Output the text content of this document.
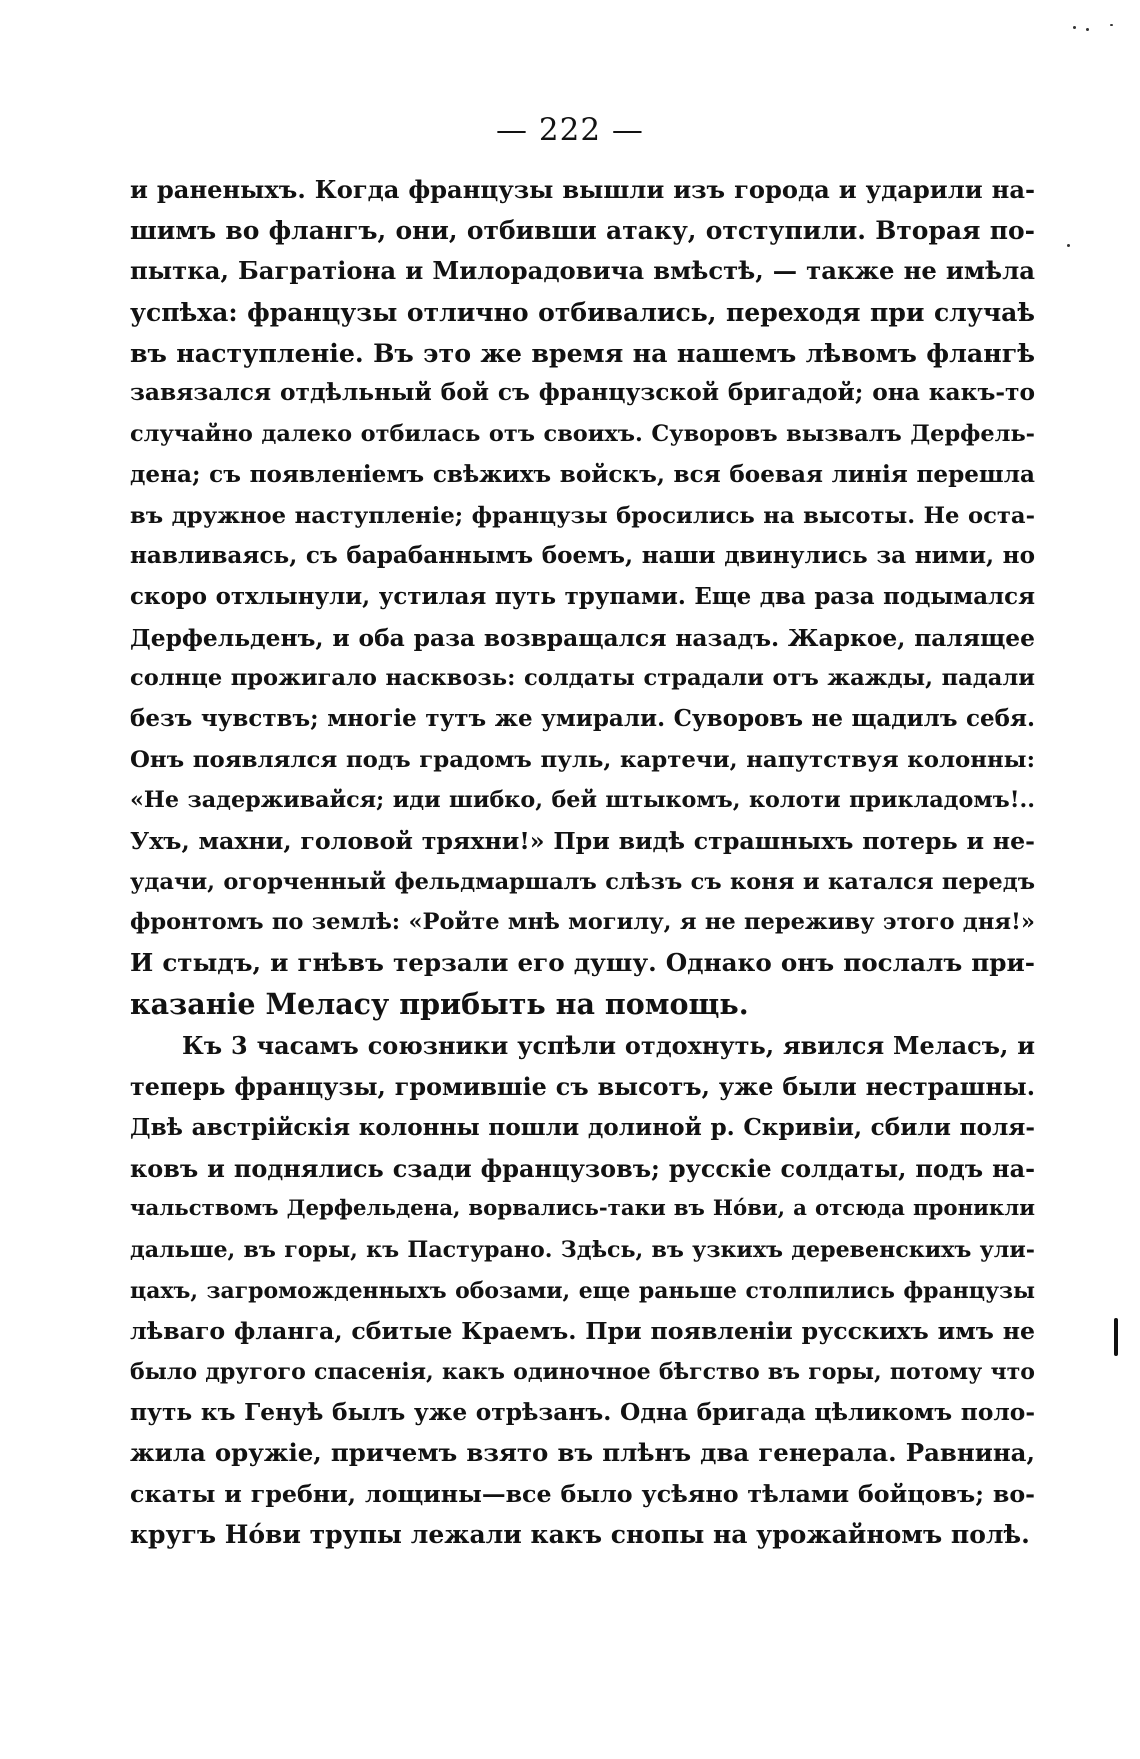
— 222 —
и раненыхъ. Когда французы вышли изъ города и ударили на-
шимъ во флангъ, они, отбивши атаку, отступили. Вторая по-
пытка, Багратіона и Милорадовича вмѣстѣ, — также не имѣла
успѣха: французы отлично отбивались, переходя при случаѣ
въ наступленіе. Въ это же время на нашемъ лѣвомъ флангѣ
завязался отдѣльный бой съ французской бригадой; она какъ-то
случайно далеко отбилась отъ своихъ. Суворовъ вызвалъ Дерфель-
дена; съ появленіемъ свѣжихъ войскъ, вся боевая линія перешла
въ дружное наступленіе; французы бросились на высоты. Не оста-
навливаясь, съ барабаннымъ боемъ, наши двинулись за ними, но
скоро отхлынули, устилая путь трупами. Еще два раза подымался
Дерфельденъ, и оба раза возвращался назадъ. Жаркое, палящее
солнце прожигало насквозь: солдаты страдали отъ жажды, падали
безъ чувствъ; многіе тутъ же умирали. Суворовъ не щадилъ себя.
Онъ появлялся подъ градомъ пуль, картечи, напутствуя колонны:
«Не задерживайся; иди шибко, бей штыкомъ, колоти прикладомъ!..
Ухъ, махни, головой тряхни!» При видѣ страшныхъ потерь и не-
удачи, огорченный фельдмаршалъ слѣзъ съ коня и катался передъ
фронтомъ по землѣ: «Ройте мнѣ могилу, я не переживу этого дня!»
И стыдъ, и гнѣвъ терзали его душу. Однако онъ послалъ при-
казаніе Меласу прибыть на помощь.
Къ 3 часамъ союзники успѣли отдохнуть, явился Меласъ, и
теперь французы, громившіе съ высотъ, уже были нестрашны.
Двѣ австрійскія колонны пошли долиной р. Скривіи, сбили поля-
ковъ и поднялись сзади французовъ; русскіе солдаты, подъ на-
чальствомъ Дерфельдена, ворвались-таки въ Нóви, а отсюда проникли
дальше, въ горы, къ Пастурано. Здѣсь, въ узкихъ деревенскихъ ули-
цахъ, загроможденныхъ обозами, еще раньше столпились французы
лѣваго фланга, сбитые Краемъ. При появленіи русскихъ имъ не
было другого спасенія, какъ одиночное бѣгство въ горы, потому что
путь къ Генуѣ былъ уже отрѣзанъ. Одна бригада цѣликомъ поло-
жила оружіе, причемъ взято въ плѣнъ два генерала. Равнина,
скаты и гребни, лощины—все было усѣяно тѣлами бойцовъ; во-
кругъ Нóви трупы лежали какъ снопы на урожайномъ полѣ.
